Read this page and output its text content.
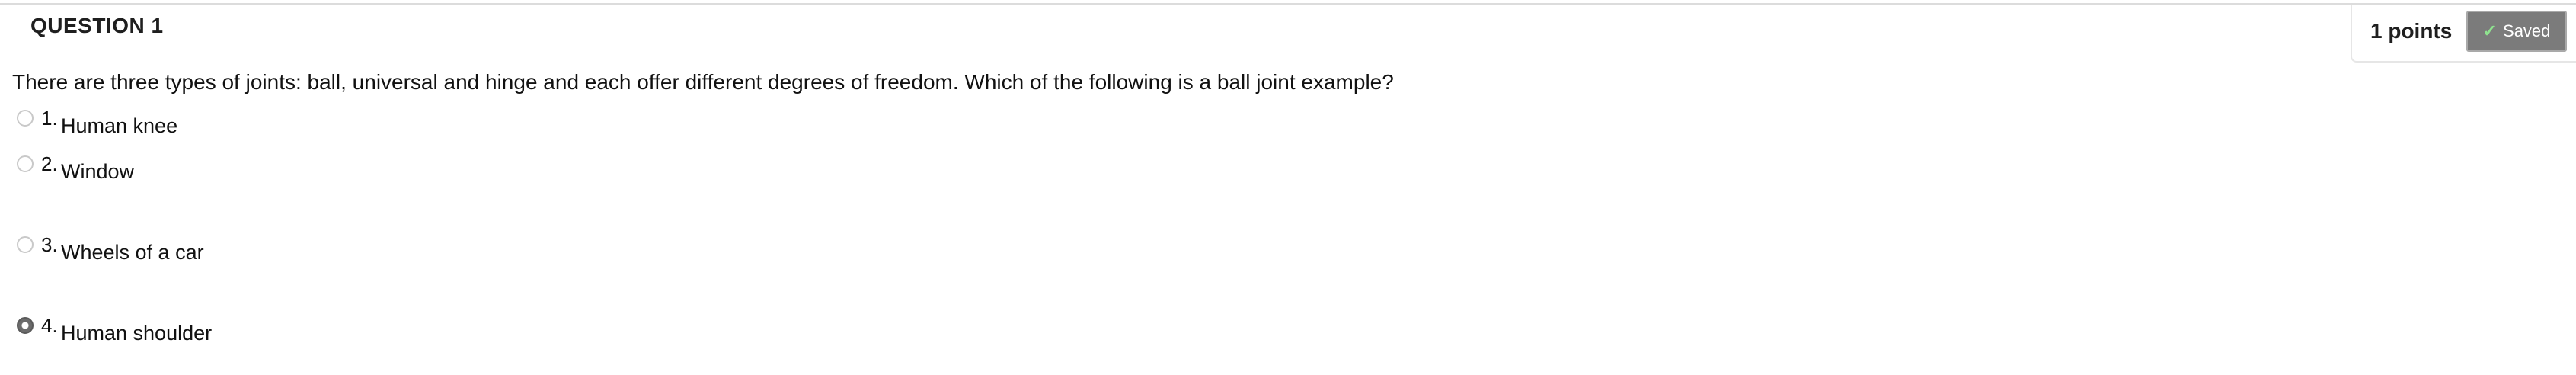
QUESTION 1	1 points ✓ Saved
There are three types of joints: ball, universal and hinge and each offer different degrees of freedom. Which of the following is a ball joint example?
1. Human knee
2. Window
3. Wheels of a car
4. Human shoulder
